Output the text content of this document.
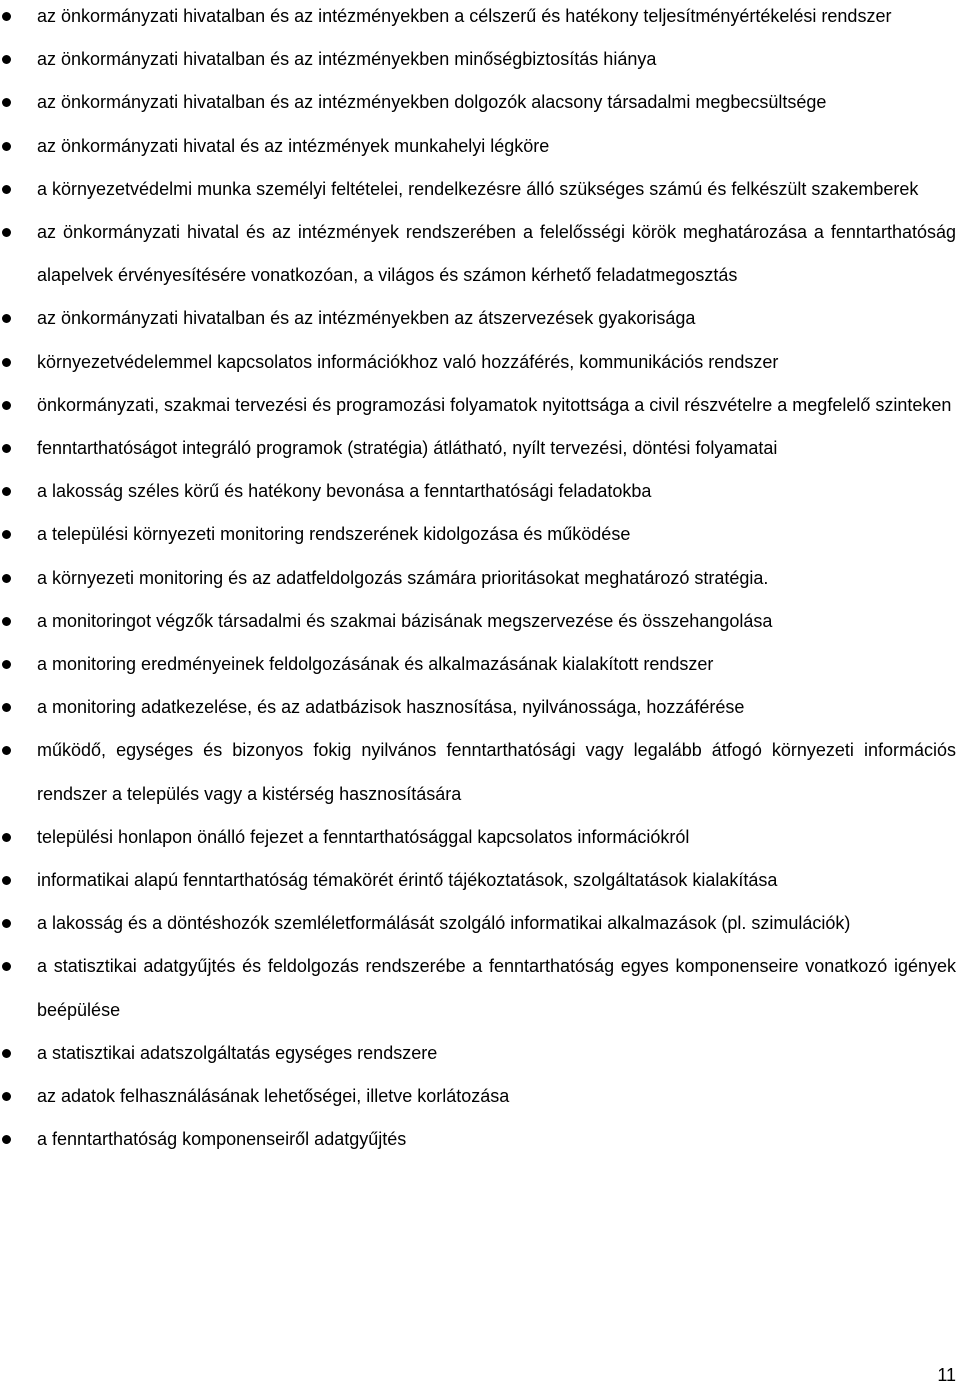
az önkormányzati hivatalban és az intézményekben a célszerű és hatékony teljesítményértékelési rendszer
az önkormányzati hivatalban és az intézményekben minőségbiztosítás hiánya
az önkormányzati hivatalban és az intézményekben dolgozók alacsony társadalmi megbecsültsége
az önkormányzati hivatal és az intézmények munkahelyi légköre
a környezetvédelmi munka személyi feltételei, rendelkezésre álló szükséges számú és felkészült szakemberek
az önkormányzati hivatal és az intézmények rendszerében a felelősségi körök meghatározása a fenntarthatóság alapelvek érvényesítésére vonatkozóan, a világos és számon kérhető feladatmegosztás
az önkormányzati hivatalban és az intézményekben az átszervezések gyakorisága
környezetvédelemmel kapcsolatos információkhoz való hozzáférés, kommunikációs rendszer
önkormányzati, szakmai tervezési és programozási folyamatok nyitottsága a civil részvételre a megfelelő szinteken
fenntarthatóságot integráló programok (stratégia) átlátható, nyílt tervezési, döntési folyamatai
a lakosság széles körű és hatékony bevonása a fenntarthatósági feladatokba
a települési környezeti monitoring rendszerének kidolgozása és működése
a környezeti monitoring és az adatfeldolgozás számára prioritásokat meghatározó stratégia.
a monitoringot végzők társadalmi és szakmai bázisának megszervezése és összehangolása
a monitoring eredményeinek feldolgozásának és alkalmazásának kialakított rendszer
a monitoring adatkezelése, és az adatbázisok hasznosítása, nyilvánossága, hozzáférése
működő, egységes és bizonyos fokig nyilvános fenntarthatósági vagy legalább átfogó környezeti információs rendszer a település vagy a kistérség hasznosítására
települési honlapon önálló fejezet a fenntarthatósággal kapcsolatos információkról
informatikai alapú fenntarthatóság témakörét érintő tájékoztatások, szolgáltatások kialakítása
a lakosság és a döntéshozók szemléletformálását szolgáló informatikai alkalmazások (pl. szimulációk)
a statisztikai adatgyűjtés és feldolgozás rendszerébe a fenntarthatóság egyes komponenseire vonatkozó igények beépülése
a statisztikai adatszolgáltatás egységes rendszere
az adatok felhasználásának lehetőségei, illetve korlátozása
a fenntarthatóság komponenseiről adatgyűjtés
11
